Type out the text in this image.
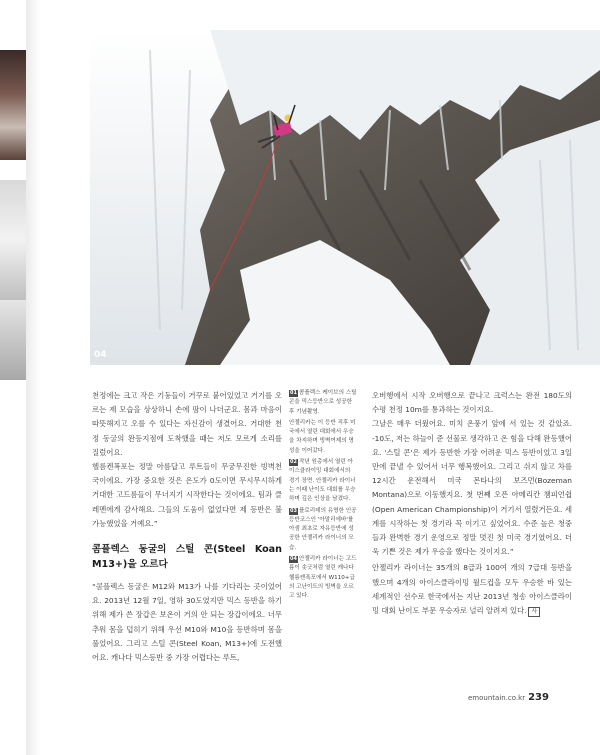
04

천정에는 크고 작은 기둥들이 거꾸로 붙어있었고 거기를 오르는 제 모습을 상상하니 손에 땀이 나더군요. 몸과 마음이 따뜻해지고 오를 수 있다는 자신감이 생겼어요. 거대한 천정 동굴의 완등지점에 도착했을 때는 저도 모르게 소리를 질렀어요.

헬름켄폭포는 정말 아름답고 루트들이 무궁무진한 빙벽천국이에요. 가장 중요한 것은 온도가 0도이면 무시무시하게 거대한 고드름들이 무너지기 시작한다는 것이에요. 팀과 클레멘에게 감사해요. 그들의 도움이 없었다면 제 등반은 불가능했었을 거예요.”

콤플렉스 동굴의 스틸 콘(Steel Koan M13+)을 오르다

“콤플렉스 동굴은 M12와 M13가 나를 기다리는 곳이었어요. 2013년 12월 7일, 영하 30도였지만 믹스 등반을 하기 위해 제가 쓴 장갑은 보온이 거의 안 되는 장갑이에요. 너무 추워 몸을 덥히기 위해 우선 M10와 M10을 등반하며 몸을 풀었어요. 그리고 스틸 콘(Steel Koan, M13+)에 도전했어요. 캐나다 믹스등반 중 가장 어렵다는 루트,

01 콤플렉스 케이브의 스틸콘을 믹스등반으로 성공한 후 기념촬영.
안젤리카는 이 등반 직후 미국에서 열린 대회에서 우승을 차지하며 빙벽여제의 명성을 이어갔다.
02 작년 원총에서 열린 아이스클라이밍 대회에서의 경기 장면. 안젤리카 라이너는 이때 난이도 대회를 우승하며 깊은 인상을 남겼다.
03 플로리데의 유명한 인공등반코스인 '아말리에바'를 아샘 최초로 자유등반에 성공한 안젤리카 라이너의 모습.
04 안젤리카 라이너는 고드름이 솟긋처럼 열린 캐나다 헬름켄폭포에서 W110+급의 고난이도의 빙벽을 오르고 있다.

오버행에서 시작 오버행으로 끝나고 크럭스는 완전 180도의 수평 천정 10m를 통과하는 것이지요.

그날은 매우 더웠어요. 미치 온풍기 앞에 서 있는 것 같았죠. -10도, 저는 하늘이 준 선물로 생각하고 온 힘을 다해 완등했어요. '스틸 콘'은 제가 등반한 가장 어려운 믹스 등반이었고 3일 만에 끝낼 수 있어서 너무 행복했어요. 그리고 쉬지 않고 차를 12시간 운전해서 미국 몬타나의 보즈먼(Bozeman Montana)으로 이동했지요. 첫 번째 오픈 아메리칸 챔피언쉽(Open American Championship)이 거기서 열렸거든요. 세계를 시작하는 첫 경기라 꼭 이기고 싶었어요. 수준 높은 청중들과 완벽한 경기 운영으로 정말 멋진 첫 미국 경기였어요. 더욱 기쁜 것은 제가 우승을 했다는 것이지요.”

안젤리카 라이너는 35개의 8급과 100여 개의 7급대 등반을 했으며 4개의 아이스클라이밍 월드컵을 모두 우승한 바 있는 세계적인 선수로 한국에서는 지난 2013년 청송 아이스클라이밍 대회 난이도 부문 우승자로 널리 알려져 있다. 사

emountain.co.kr 239
